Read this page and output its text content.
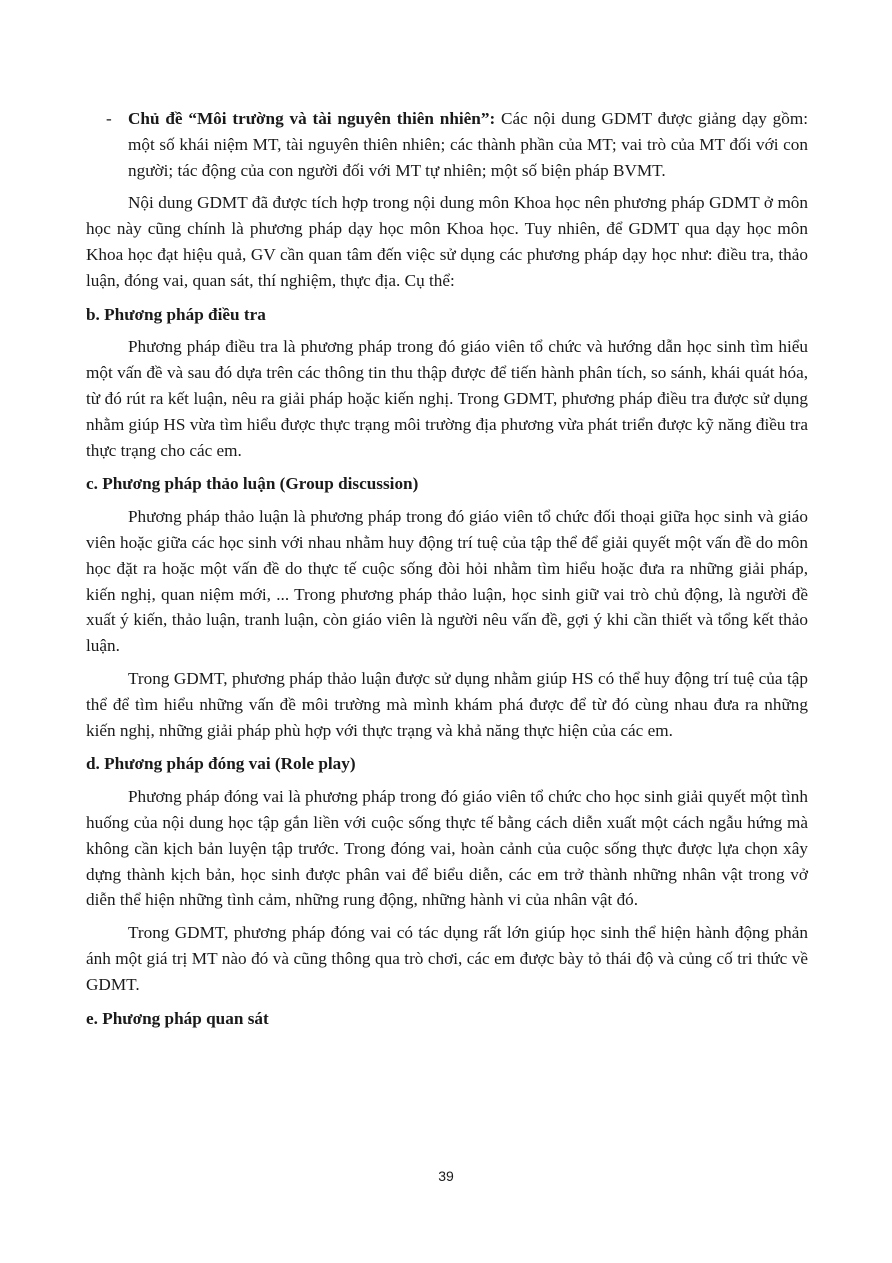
- Chủ đề “Môi trường và tài nguyên thiên nhiên”: Các nội dung GDMT được giảng dạy gồm: một số khái niệm MT, tài nguyên thiên nhiên; các thành phần của MT; vai trò của MT đối với con người; tác động của con người đối với MT tự nhiên; một số biện pháp BVMT.

Nội dung GDMT đã được tích hợp trong nội dung môn Khoa học nên phương pháp GDMT ở môn học này cũng chính là phương pháp dạy học môn Khoa học. Tuy nhiên, để GDMT qua dạy học môn Khoa học đạt hiệu quả, GV cần quan tâm đến việc sử dụng các phương pháp dạy học như: điều tra, thảo luận, đóng vai, quan sát, thí nghiệm, thực địa. Cụ thể:

b. Phương pháp điều tra

Phương pháp điều tra là phương pháp trong đó giáo viên tổ chức và hướng dẫn học sinh tìm hiểu một vấn đề và sau đó dựa trên các thông tin thu thập được để tiến hành phân tích, so sánh, khái quát hóa, từ đó rút ra kết luận, nêu ra giải pháp hoặc kiến nghị. Trong GDMT, phương pháp điều tra được sử dụng nhằm giúp HS vừa tìm hiểu được thực trạng môi trường địa phương vừa phát triển được kỹ năng điều tra thực trạng cho các em.

c. Phương pháp thảo luận (Group discussion)

Phương pháp thảo luận là phương pháp trong đó giáo viên tổ chức đối thoại giữa học sinh và giáo viên hoặc giữa các học sinh với nhau nhằm huy động trí tuệ của tập thể để giải quyết một vấn đề do môn học đặt ra hoặc một vấn đề do thực tế cuộc sống đòi hỏi nhằm tìm hiểu hoặc đưa ra những giải pháp, kiến nghị, quan niệm mới, ... Trong phương pháp thảo luận, học sinh giữ vai trò chủ động, là người đề xuất ý kiến, thảo luận, tranh luận, còn giáo viên là người nêu vấn đề, gợi ý khi cần thiết và tổng kết thảo luận.

Trong GDMT, phương pháp thảo luận được sử dụng nhằm giúp HS có thể huy động trí tuệ của tập thể để tìm hiểu những vấn đề môi trường mà mình khám phá được để từ đó cùng nhau đưa ra những kiến nghị, những giải pháp phù hợp với thực trạng và khả năng thực hiện của các em.

d. Phương pháp đóng vai (Role play)

Phương pháp đóng vai là phương pháp trong đó giáo viên tổ chức cho học sinh giải quyết một tình huống của nội dung học tập gắn liền với cuộc sống thực tế bằng cách diễn xuất một cách ngẫu hứng mà không cần kịch bản luyện tập trước. Trong đóng vai, hoàn cảnh của cuộc sống thực được lựa chọn xây dựng thành kịch bản, học sinh được phân vai để biểu diễn, các em trở thành những nhân vật trong vở diễn thể hiện những tình cảm, những rung động, những hành vi của nhân vật đó.

Trong GDMT, phương pháp đóng vai có tác dụng rất lớn giúp học sinh thể hiện hành động phản ánh một giá trị MT nào đó và cũng thông qua trò chơi, các em được bày tỏ thái độ và củng cố tri thức về GDMT.

e. Phương pháp quan sát
39
